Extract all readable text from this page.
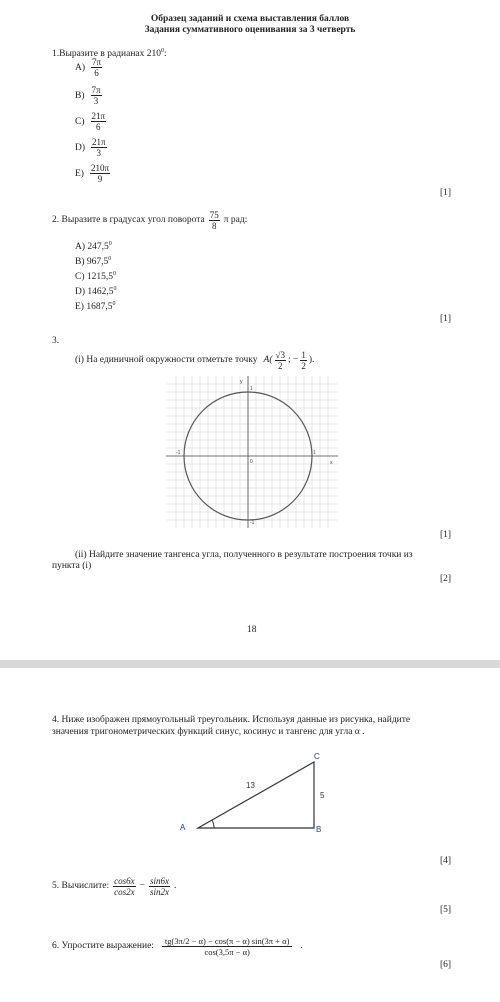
Образец заданий и схема выставления баллов
Задания суммативного оценивания за 3 четверть
1.Выразите в радианах $210^0$:
$A) \frac{7\pi}{6}$
$B) \frac{7\pi}{3}$
$C) \frac{21\pi}{6}$
$D) \frac{21\pi}{3}$
$E) \frac{210\pi}{9}$
[1]
2. Выразите в градусах угол поворота $\frac{75}{8}$ π рад:
A) 247,5$^0$
B) 967,5$^0$
C) 1215,5$^0$
D) 1462,5$^0$
E) 1687,5$^0$
[1]
3.
(i) На единичной окружности отметьте точку $A( \frac{√3}{2}$ ; − $\frac{1}{2}$ ).
x
y
1
-1
0
1
-1
[1]
(ii) Найдите значение тангенса угла, полученного в результате построения точки из
пункта (i)
[2]
18
4. Ниже изображен прямоугольный треугольник. Используя данные из рисунка, найдите
значения тригонометрических функций синус, косинус и тангенс для угла α .
A	B
C
13
5
[4]
5. Вычислите: $\frac{\cos 6x}{\cos 2x} - \frac{\sin 6x}{\sin 2x}$ .
[5]
6. Упростите выражение: $\frac{tg(3\pi/2 - \alpha) - \cos(\pi - \alpha) \sin(3\pi + \alpha)}{\cos(3,5\pi - \alpha)}$ .
[6]
